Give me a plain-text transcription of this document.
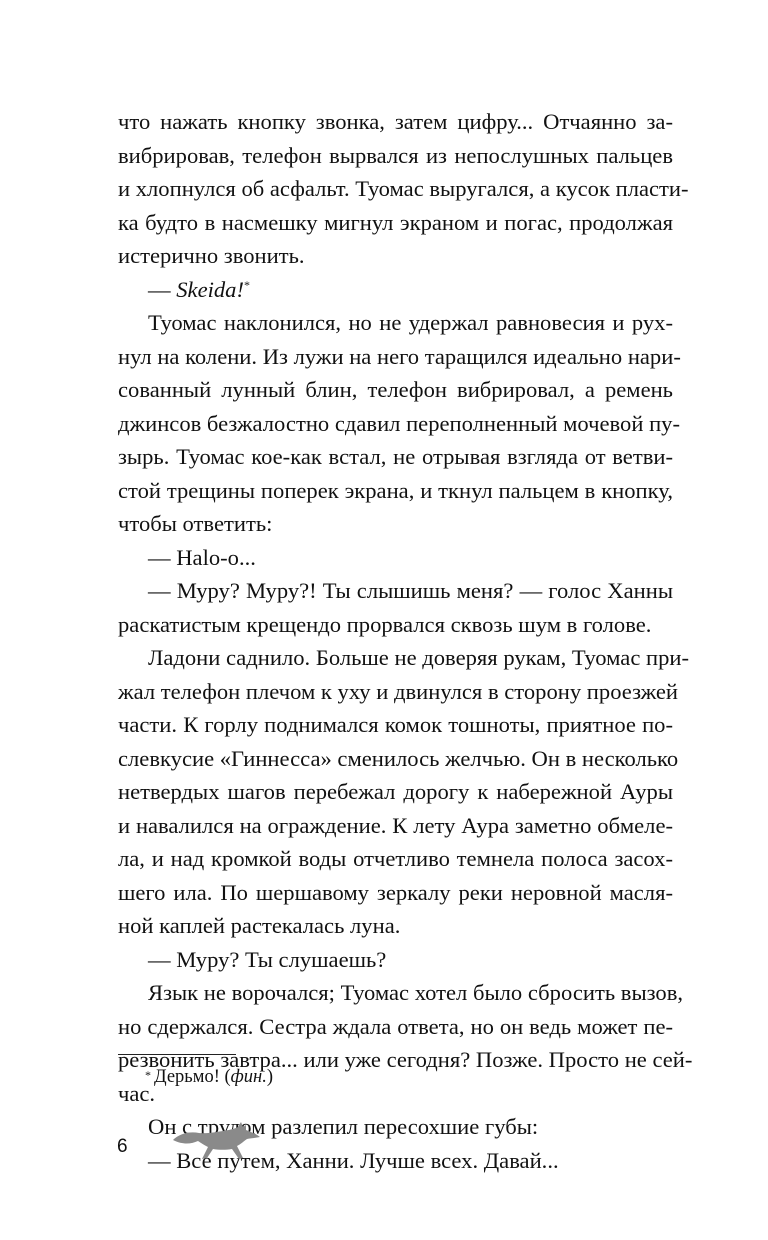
что нажать кнопку звонка, затем цифру... Отчаянно за-
вибрировав, телефон вырвался из непослушных пальцев
и хлопнулся об асфальт. Туомас выругался, а кусок пласти-
ка будто в насмешку мигнул экраном и погас, продолжая
истерично звонить.
— Skeida!*
Туомас наклонился, но не удержал равновесия и рух-
нул на колени. Из лужи на него таращился идеально нари-
сованный лунный блин, телефон вибрировал, а ремень
джинсов безжалостно сдавил переполненный мочевой пу-
зырь. Туомас кое-как встал, не отрывая взгляда от ветви-
стой трещины поперек экрана, и ткнул пальцем в кнопку,
чтобы ответить:
— Halo-o...
— Муру? Муру?! Ты слышишь меня? — голос Ханны
раскатистым крещендо прорвался сквозь шум в голове.
Ладони саднило. Больше не доверяя рукам, Туомас при-
жал телефон плечом к уху и двинулся в сторону проезжей
части. К горлу поднимался комок тошноты, приятное по-
слевкусие «Гиннесса» сменилось желчью. Он в несколько
нетвердых шагов перебежал дорогу к набережной Ауры
и навалился на ограждение. К лету Аура заметно обмеле-
ла, и над кромкой воды отчетливо темнела полоса засох-
шего ила. По шершавому зеркалу реки неровной масля-
ной каплей растекалась луна.
— Муру? Ты слушаешь?
Язык не ворочался; Туомас хотел было сбросить вызов,
но сдержался. Сестра ждала ответа, но он ведь может пе-
резвонить завтра... или уже сегодня? Позже. Просто не сей-
час.
Он с трудом разлепил пересохшие губы:
— Все путем, Ханни. Лучше всех. Давай...
* Дерьмо! (фин.)
6
